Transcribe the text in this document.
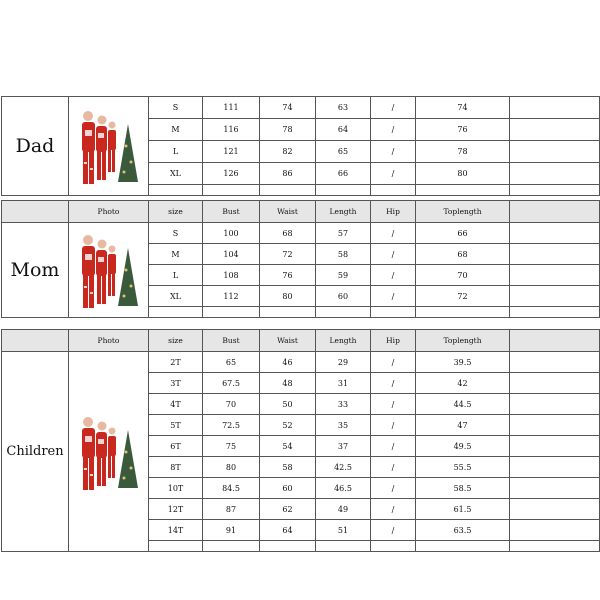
Dad		S	111	74	63	/	74			
		M	116	78	64	/	76		
		L	121	82	65	/	78		
		XL	126	86	66	/	80		

	Photo	size	Bust	Waist	Length	Hip	Toplength			
Mom		S	100	68	57	/	66			
		M	104	72	58	/	68		
		L	108	76	59	/	70		
		XL	112	80	60	/	72		

	Photo	size	Bust	Waist	Length	Hip	Toplength			
Children		2T	65	46	29	/	39.5			

		3T	67.5	48	31	/	42		
		4T	70	50	33	/	44.5		
		5T	72.5	52	35	/	47		
		6T	75	54	37	/	49.5		
		8T	80	58	42.5	/	55.5		
		10T	84.5	60	46.5	/	58.5		
		12T	87	62	49	/	61.5		
		14T	91	64	51	/	63.5		
